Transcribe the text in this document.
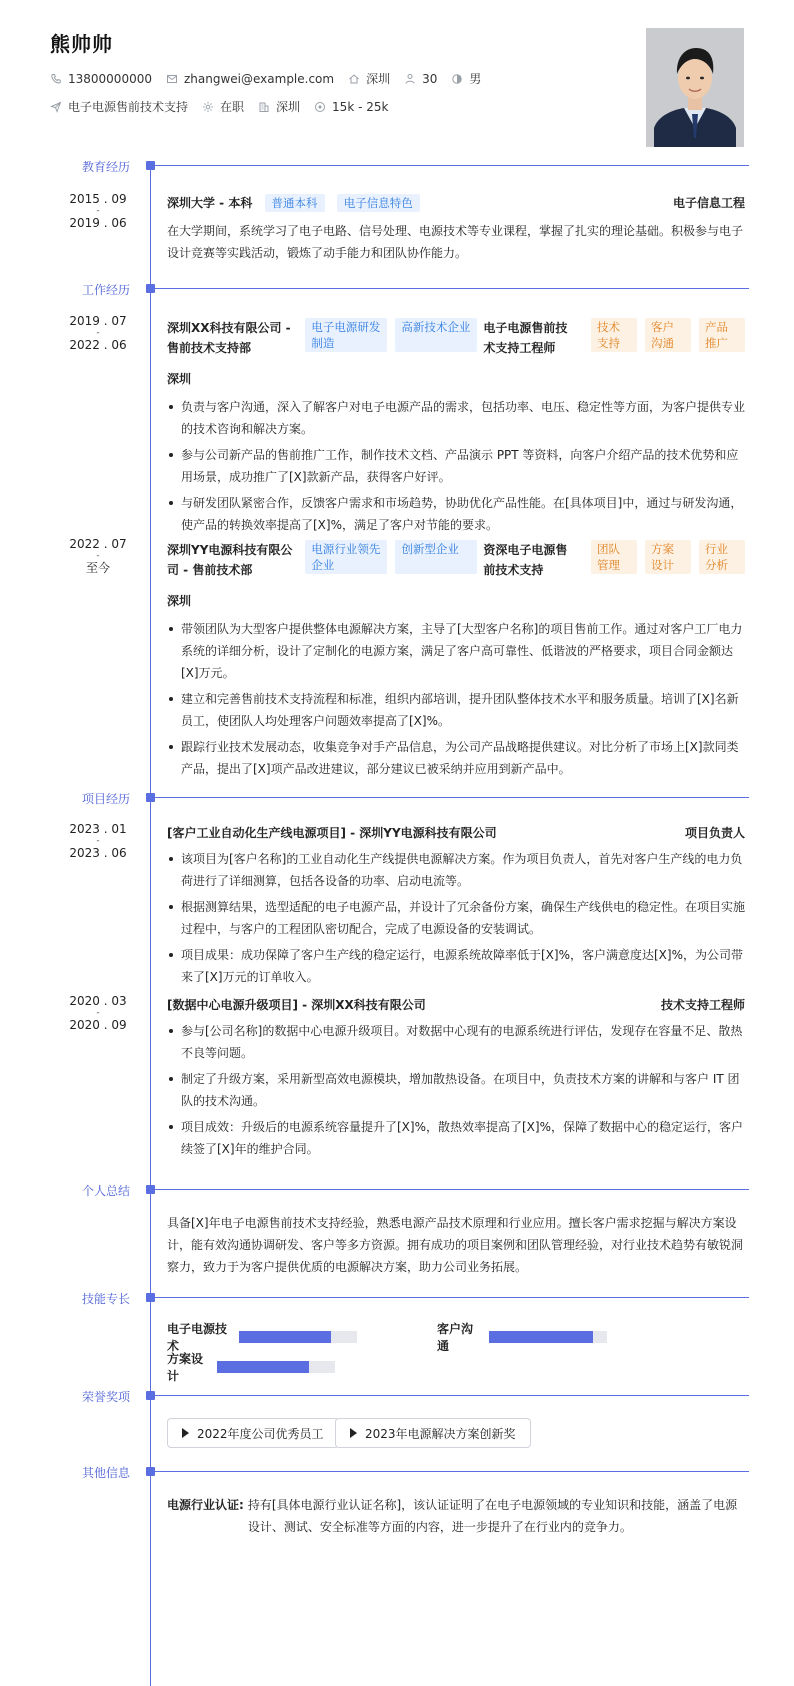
熊帅帅
13800000000	zhangwei@example.com	深圳	30	男
电子电源售前技术支持	在职	深圳	15k - 25k
教育经历
2015 . 09
-
2019 . 06
深圳大学 - 本科 普通本科 电子信息特色	电子信息工程
在大学期间，系统学习了电子电路、信号处理、电源技术等专业课程，掌握了扎实的理论基础。积极参与电子设计竞赛等实践活动，锻炼了动手能力和团队协作能力。
工作经历
2019 . 07
-
2022 . 06
深圳XX科技有限公司 - 售前技术支持部
电子电源研发制造
高新技术企业	电子电源售前技术支持工程师
技术支持
客户沟通
产品推广
深圳
负责与客户沟通，深入了解客户对电子电源产品的需求，包括功率、电压、稳定性等方面，为客户提供专业的技术咨询和解决方案。
参与公司新产品的售前推广工作，制作技术文档、产品演示 PPT 等资料，向客户介绍产品的技术优势和应用场景，成功推广了[X]款新产品，获得客户好评。
与研发团队紧密合作，反馈客户需求和市场趋势，协助优化产品性能。在[具体项目]中，通过与研发沟通，使产品的转换效率提高了[X]%，满足了客户对节能的要求。
2022 . 07
-
至今
深圳YY电源科技有限公司 - 售前技术部
电源行业领先企业
创新型企业	资深电子电源售前技术支持
团队管理
方案设计
行业分析
深圳
带领团队为大型客户提供整体电源解决方案，主导了[大型客户名称]的项目售前工作。通过对客户工厂电力系统的详细分析，设计了定制化的电源方案，满足了客户高可靠性、低谐波的严格要求，项目合同金额达[X]万元。
建立和完善售前技术支持流程和标准，组织内部培训，提升团队整体技术水平和服务质量。培训了[X]名新员工，使团队人均处理客户问题效率提高了[X]%。
跟踪行业技术发展动态，收集竞争对手产品信息，为公司产品战略提供建议。对比分析了市场上[X]款同类产品，提出了[X]项产品改进建议，部分建议已被采纳并应用到新产品中。
项目经历
2023 . 01
-
2023 . 06
[客户工业自动化生产线电源项目] - 深圳YY电源科技有限公司	项目负责人
该项目为[客户名称]的工业自动化生产线提供电源解决方案。作为项目负责人，首先对客户生产线的电力负荷进行了详细测算，包括各设备的功率、启动电流等。
根据测算结果，选型适配的电子电源产品，并设计了冗余备份方案，确保生产线供电的稳定性。在项目实施过程中，与客户的工程团队密切配合，完成了电源设备的安装调试。
项目成果：成功保障了客户生产线的稳定运行，电源系统故障率低于[X]%，客户满意度达[X]%，为公司带来了[X]万元的订单收入。
2020 . 03
-
2020 . 09
[数据中心电源升级项目] - 深圳XX科技有限公司	技术支持工程师
参与[公司名称]的数据中心电源升级项目。对数据中心现有的电源系统进行评估，发现存在容量不足、散热不良等问题。
制定了升级方案，采用新型高效电源模块，增加散热设备。在项目中，负责技术方案的讲解和与客户 IT 团队的技术沟通。
项目成效：升级后的电源系统容量提升了[X]%，散热效率提高了[X]%，保障了数据中心的稳定运行，客户续签了[X]年的维护合同。
个人总结
具备[X]年电子电源售前技术支持经验，熟悉电源产品技术原理和行业应用。擅长客户需求挖掘与解决方案设计，能有效沟通协调研发、客户等多方资源。拥有成功的项目案例和团队管理经验，对行业技术趋势有敏锐洞察力，致力于为客户提供优质的电源解决方案，助力公司业务拓展。
技能专长
电子电源技术
客户沟通
方案设计
荣誉奖项
2022年度公司优秀员工	2023年电源解决方案创新奖
其他信息
电源行业认证: 持有[具体电源行业认证名称]，该认证证明了在电子电源领域的专业知识和技能，涵盖了电源设计、测试、安全标准等方面的内容，进一步提升了在行业内的竞争力。
